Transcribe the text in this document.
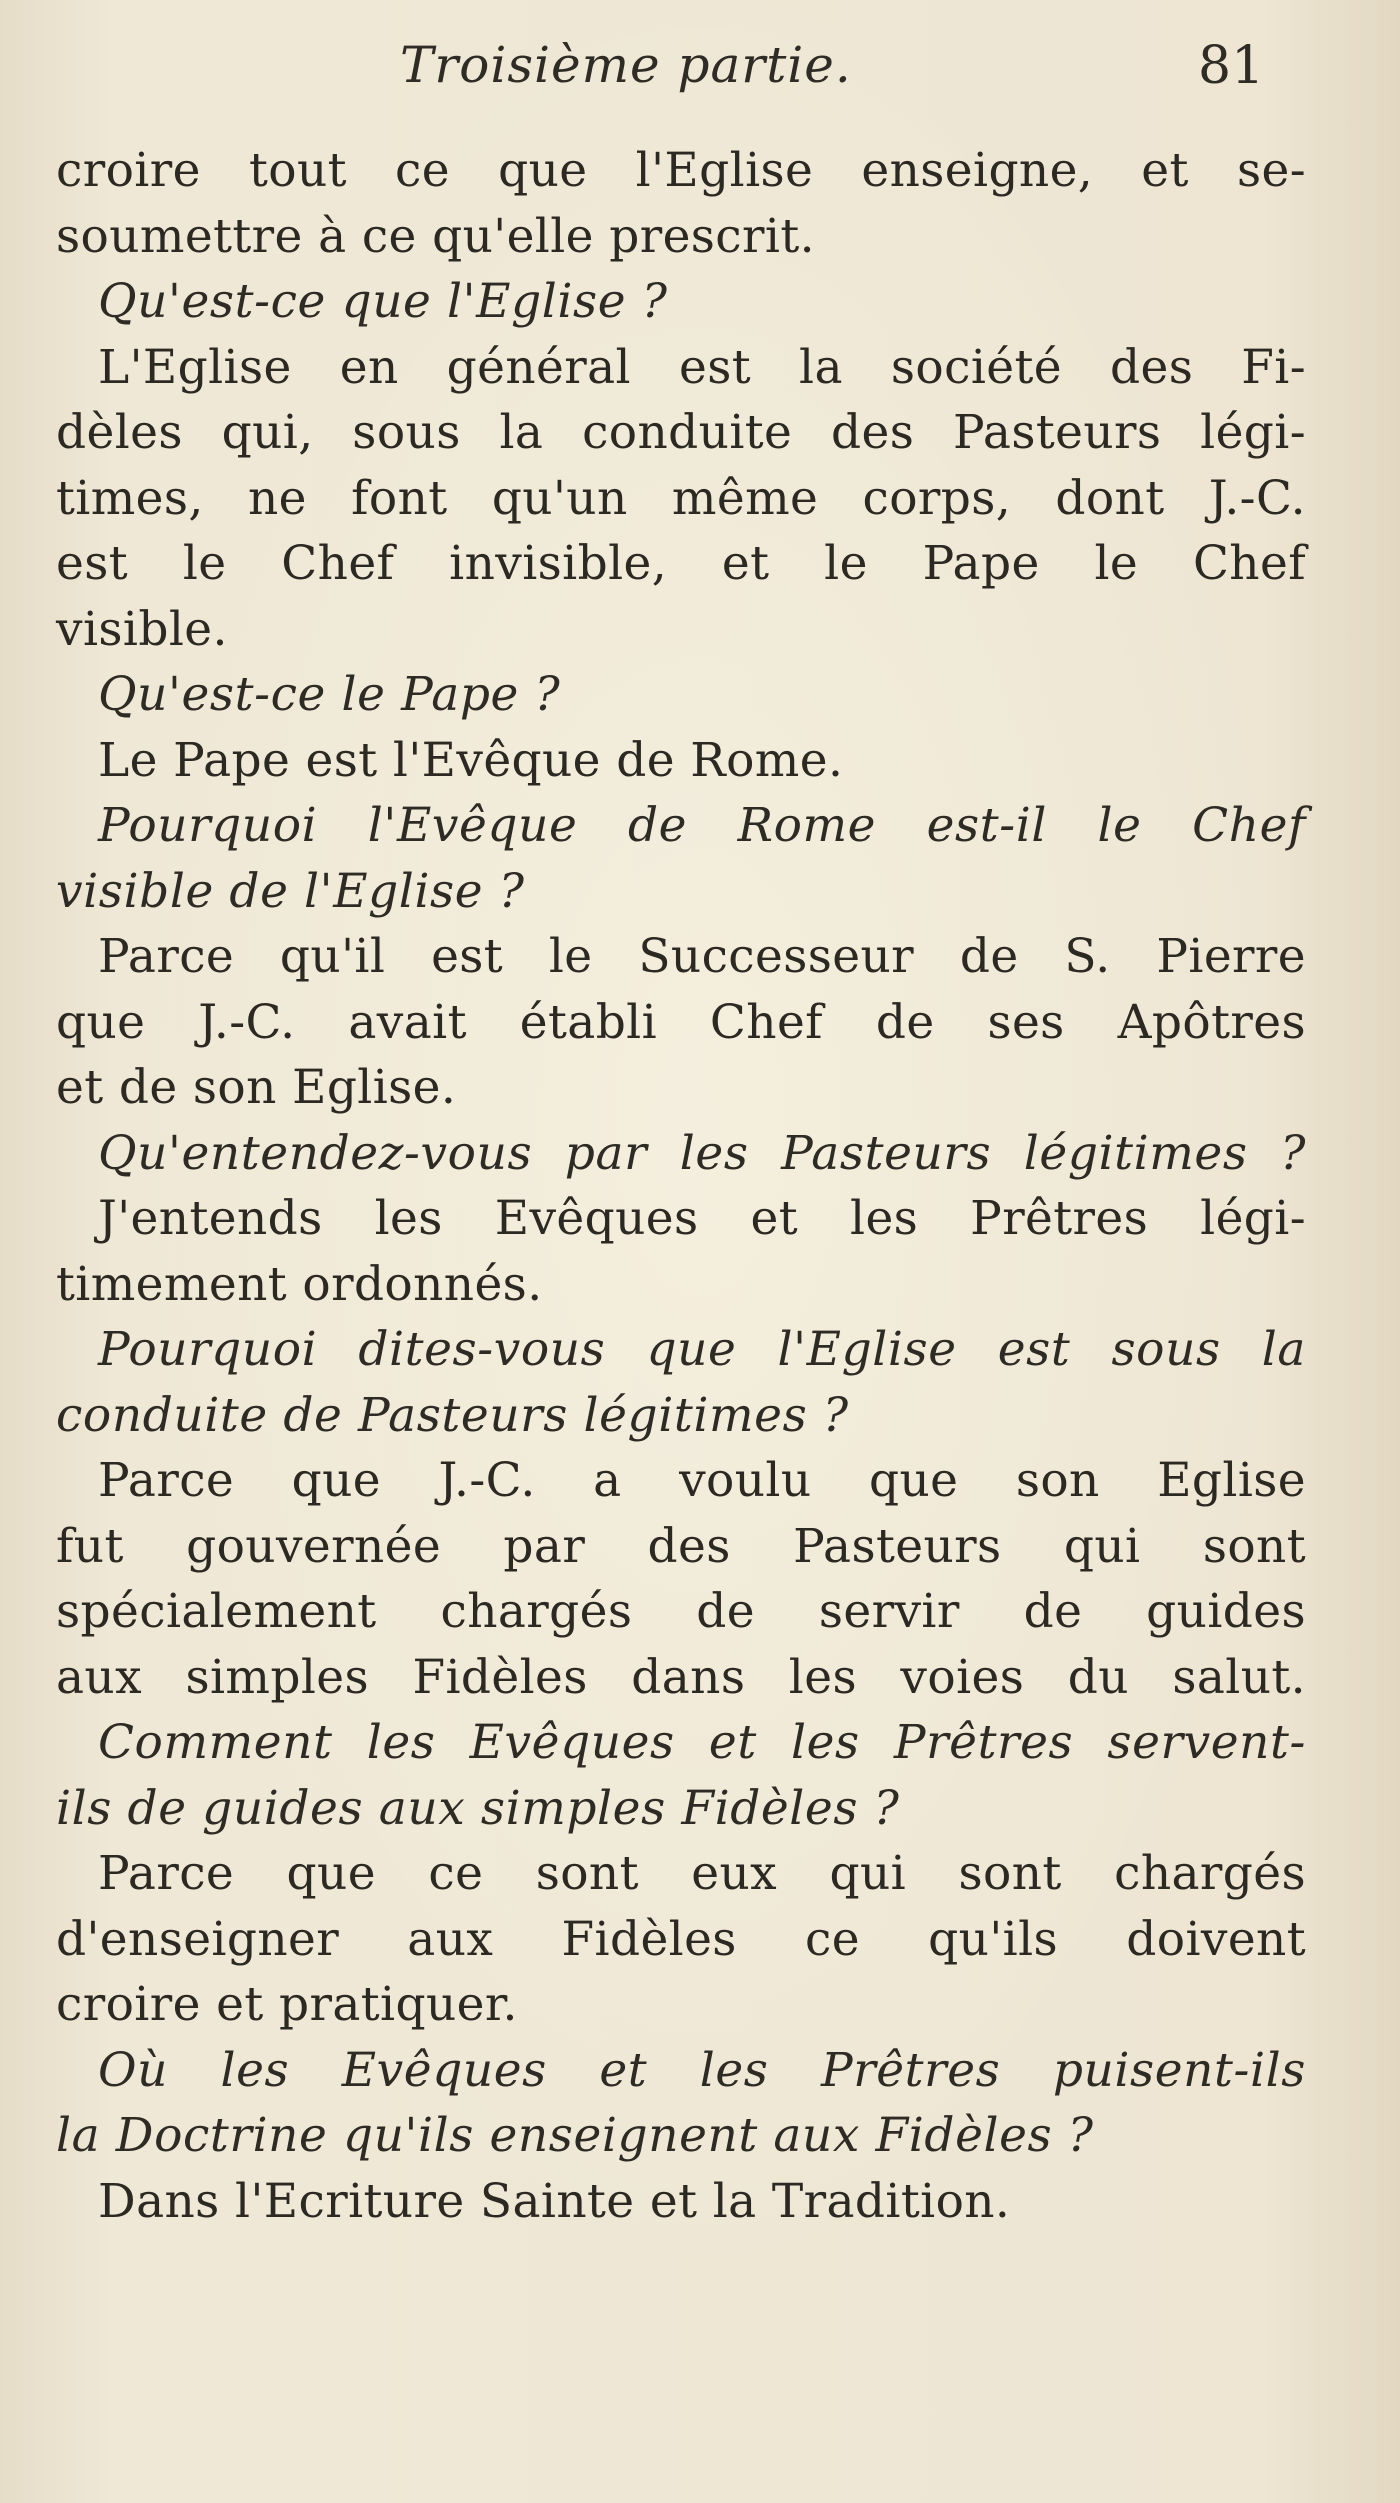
Troisième partie.	81
croire tout ce que l'Eglise enseigne, et se-
soumettre à ce qu'elle prescrit.
Qu'est-ce que l'Eglise ?
L'Eglise en général est la société des Fi-
dèles qui, sous la conduite des Pasteurs légi-
times, ne font qu'un même corps, dont J.-C.
est le Chef invisible, et le Pape le Chef
visible.
Qu'est-ce le Pape ?
Le Pape est l'Evêque de Rome.
Pourquoi l'Evêque de Rome est-il le Chef
visible de l'Eglise ?
Parce qu'il est le Successeur de S. Pierre
que J.-C. avait établi Chef de ses Apôtres
et de son Eglise.
Qu'entendez-vous par les Pasteurs légitimes ?
J'entends les Evêques et les Prêtres légi-
timement ordonnés.
Pourquoi dites-vous que l'Eglise est sous la
conduite de Pasteurs légitimes ?
Parce que J.-C. a voulu que son Eglise
fut gouvernée par des Pasteurs qui sont
spécialement chargés de servir de guides
aux simples Fidèles dans les voies du salut.
Comment les Evêques et les Prêtres servent-
ils de guides aux simples Fidèles ?
Parce que ce sont eux qui sont chargés
d'enseigner aux Fidèles ce qu'ils doivent
croire et pratiquer.
Où les Evêques et les Prêtres puisent-ils
la Doctrine qu'ils enseignent aux Fidèles ?
Dans l'Ecriture Sainte et la Tradition.
